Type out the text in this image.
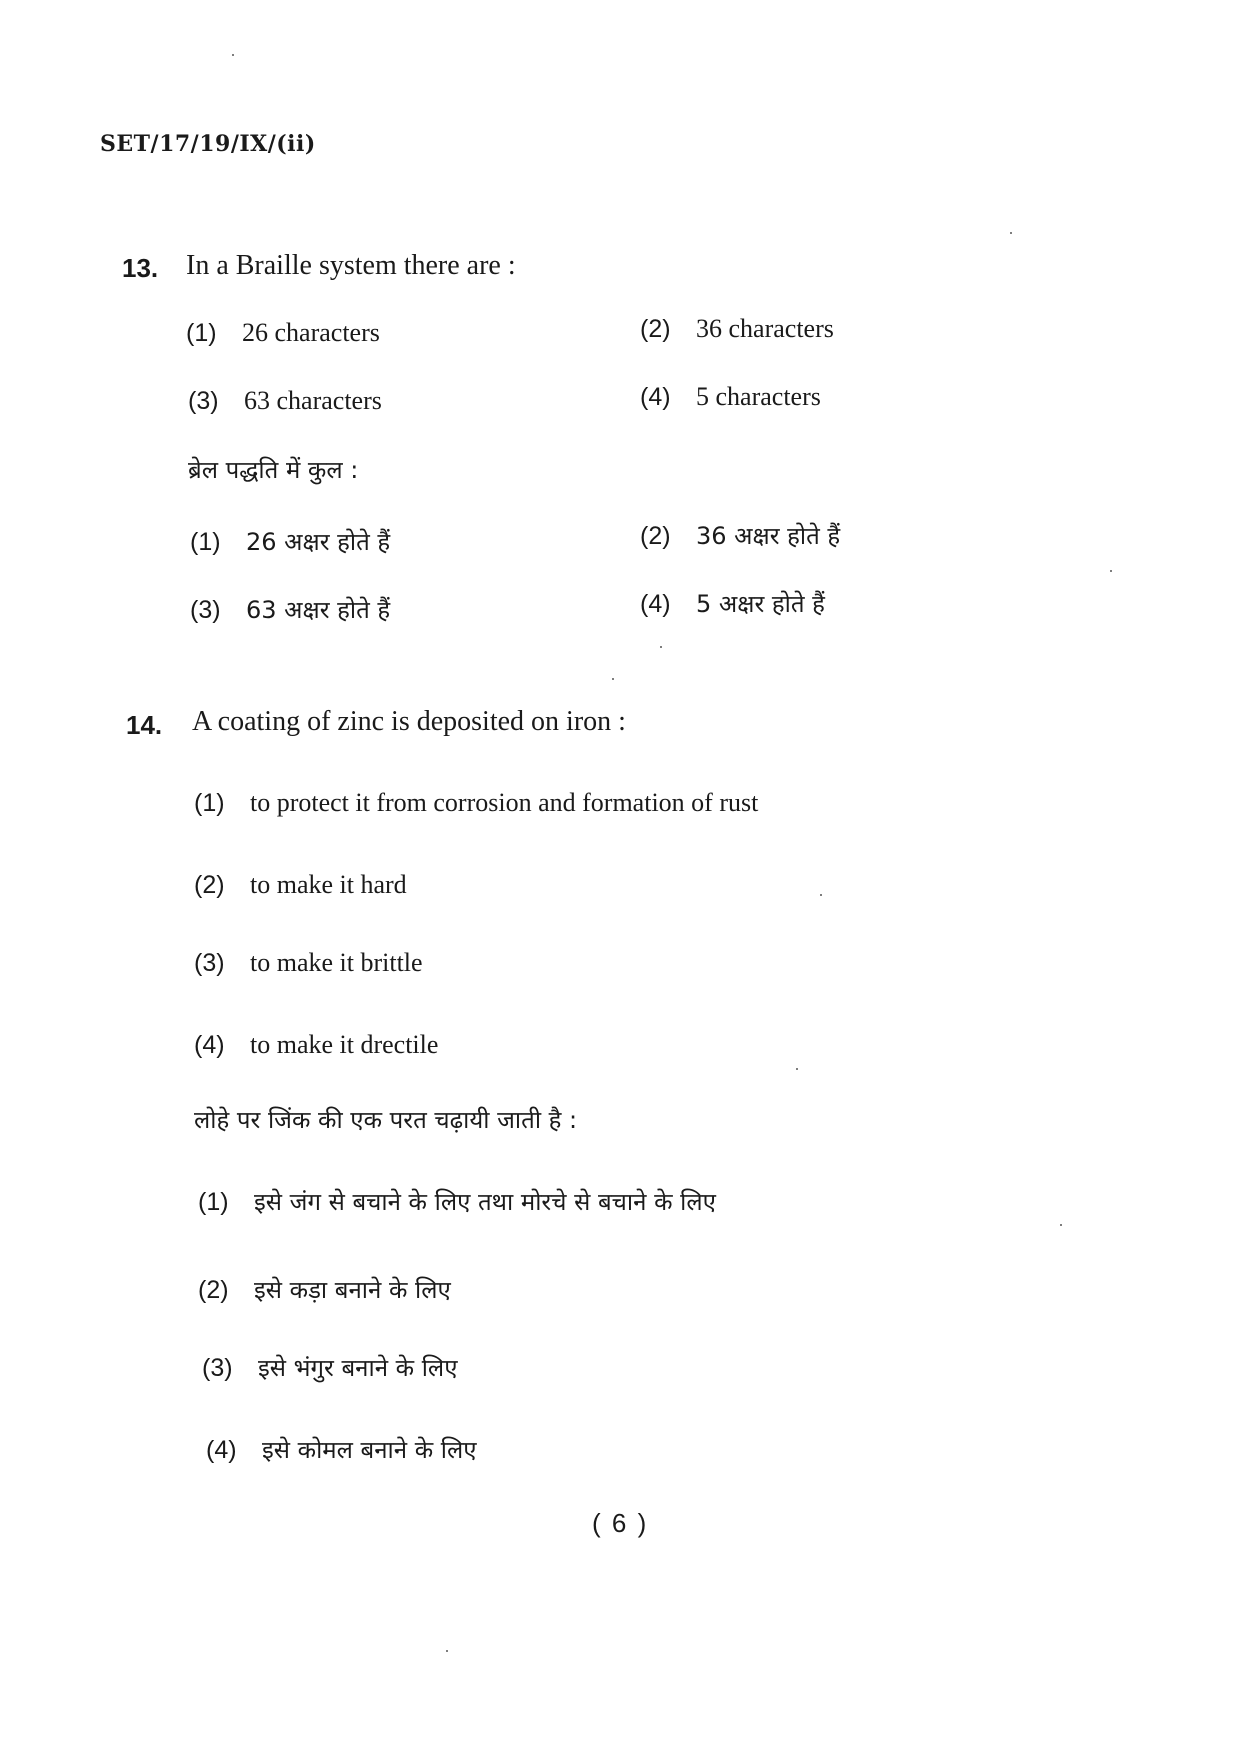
SET/17/19/IX/(ii)
13. In a Braille system there are :
(1) 26 characters	(2) 36 characters
(3) 63 characters	(4) 5 characters
ब्रेल पद्धति में कुल :
(1) 26 अक्षर होते हैं	(2) 36 अक्षर होते हैं
(3) 63 अक्षर होते हैं	(4) 5 अक्षर होते हैं
14. A coating of zinc is deposited on iron :
(1) to protect it from corrosion and formation of rust
(2) to make it hard
(3) to make it brittle
(4) to make it drectile
लोहे पर जिंक की एक परत चढ़ायी जाती है :
(1) इसे जंग से बचाने के लिए तथा मोरचे से बचाने के लिए
(2) इसे कड़ा बनाने के लिए
(3) इसे भंगुर बनाने के लिए
(4) इसे कोमल बनाने के लिए
( 6 )
